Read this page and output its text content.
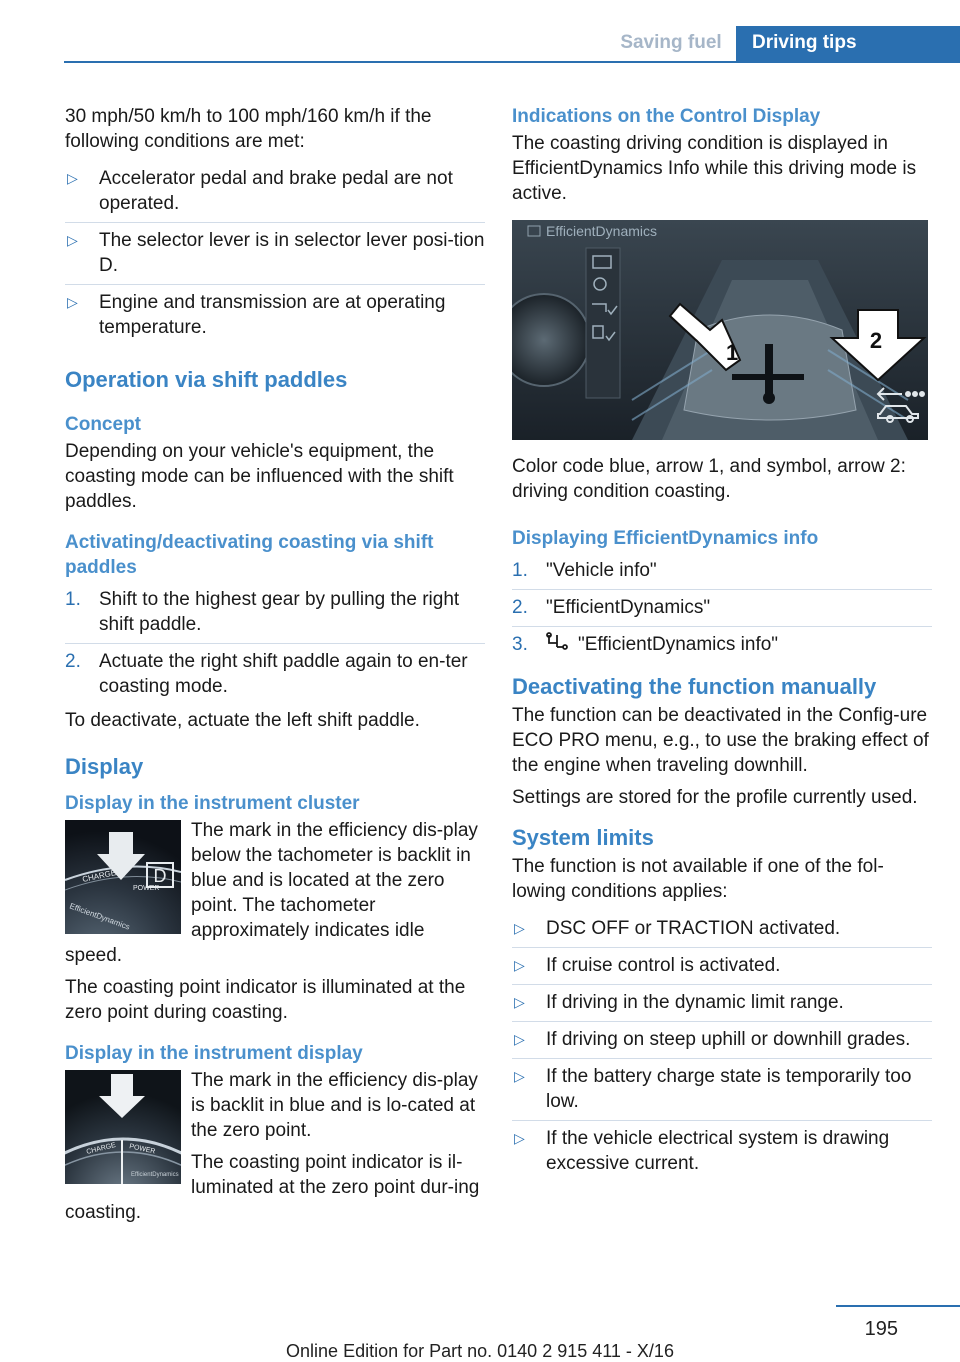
Saving fuel	Driving tips

30 mph/50 km/h to 100 mph/160 km/h if the following conditions are met:

▷ Accelerator pedal and brake pedal are not operated.
▷ The selector lever is in selector lever posi‐tion D.
▷ Engine and transmission are at operating temperature.
Operation via shift paddles
Concept

Depending on your vehicle's equipment, the coasting mode can be influenced with the shift paddles.

Activating/deactivating coasting via shift paddles
1. Shift to the highest gear by pulling the right shift paddle.
2. Actuate the right shift paddle again to en‐ter coasting mode.

To deactivate, actuate the left shift paddle.

Display
Display in the instrument cluster
D
CHARGE
POWER
EfficientDynamics

The mark in the efficiency dis‐play below the tachometer is backlit in blue and is located at the zero point. The tachometer approximately indicates idle speed.

The coasting point indicator is illuminated at the zero point during coasting.

Display in the instrument display
CHARGE POWER
EfficientDynamics

The mark in the efficiency dis‐play is backlit in blue and is lo‐cated at the zero point.

The coasting point indicator is il‐luminated at the zero point dur‐ing coasting.

Indications on the Control Display

The coasting driving condition is displayed in EfficientDynamics Info while this driving mode is active.

EfficientDynamics
1	2

Color code blue, arrow 1, and symbol, arrow 2: driving condition coasting.

Displaying EfficientDynamics info
1. "Vehicle info"
2. "EfficientDynamics"
3.	"EfficientDynamics info"
Deactivating the function manually

The function can be deactivated in the Config‐ure ECO PRO menu, e.g., to use the braking effect of the engine when traveling downhill.

Settings are stored for the profile currently used.

System limits

The function is not available if one of the fol‐lowing conditions applies:

▷ DSC OFF or TRACTION activated.
▷ If cruise control is activated.
▷ If driving in the dynamic limit range.
▷ If driving on steep uphill or downhill grades.
▷ If the battery charge state is temporarily too low.
▷ If the vehicle electrical system is drawing excessive current.
195
Online Edition for Part no. 0140 2 915 411 - X/16
